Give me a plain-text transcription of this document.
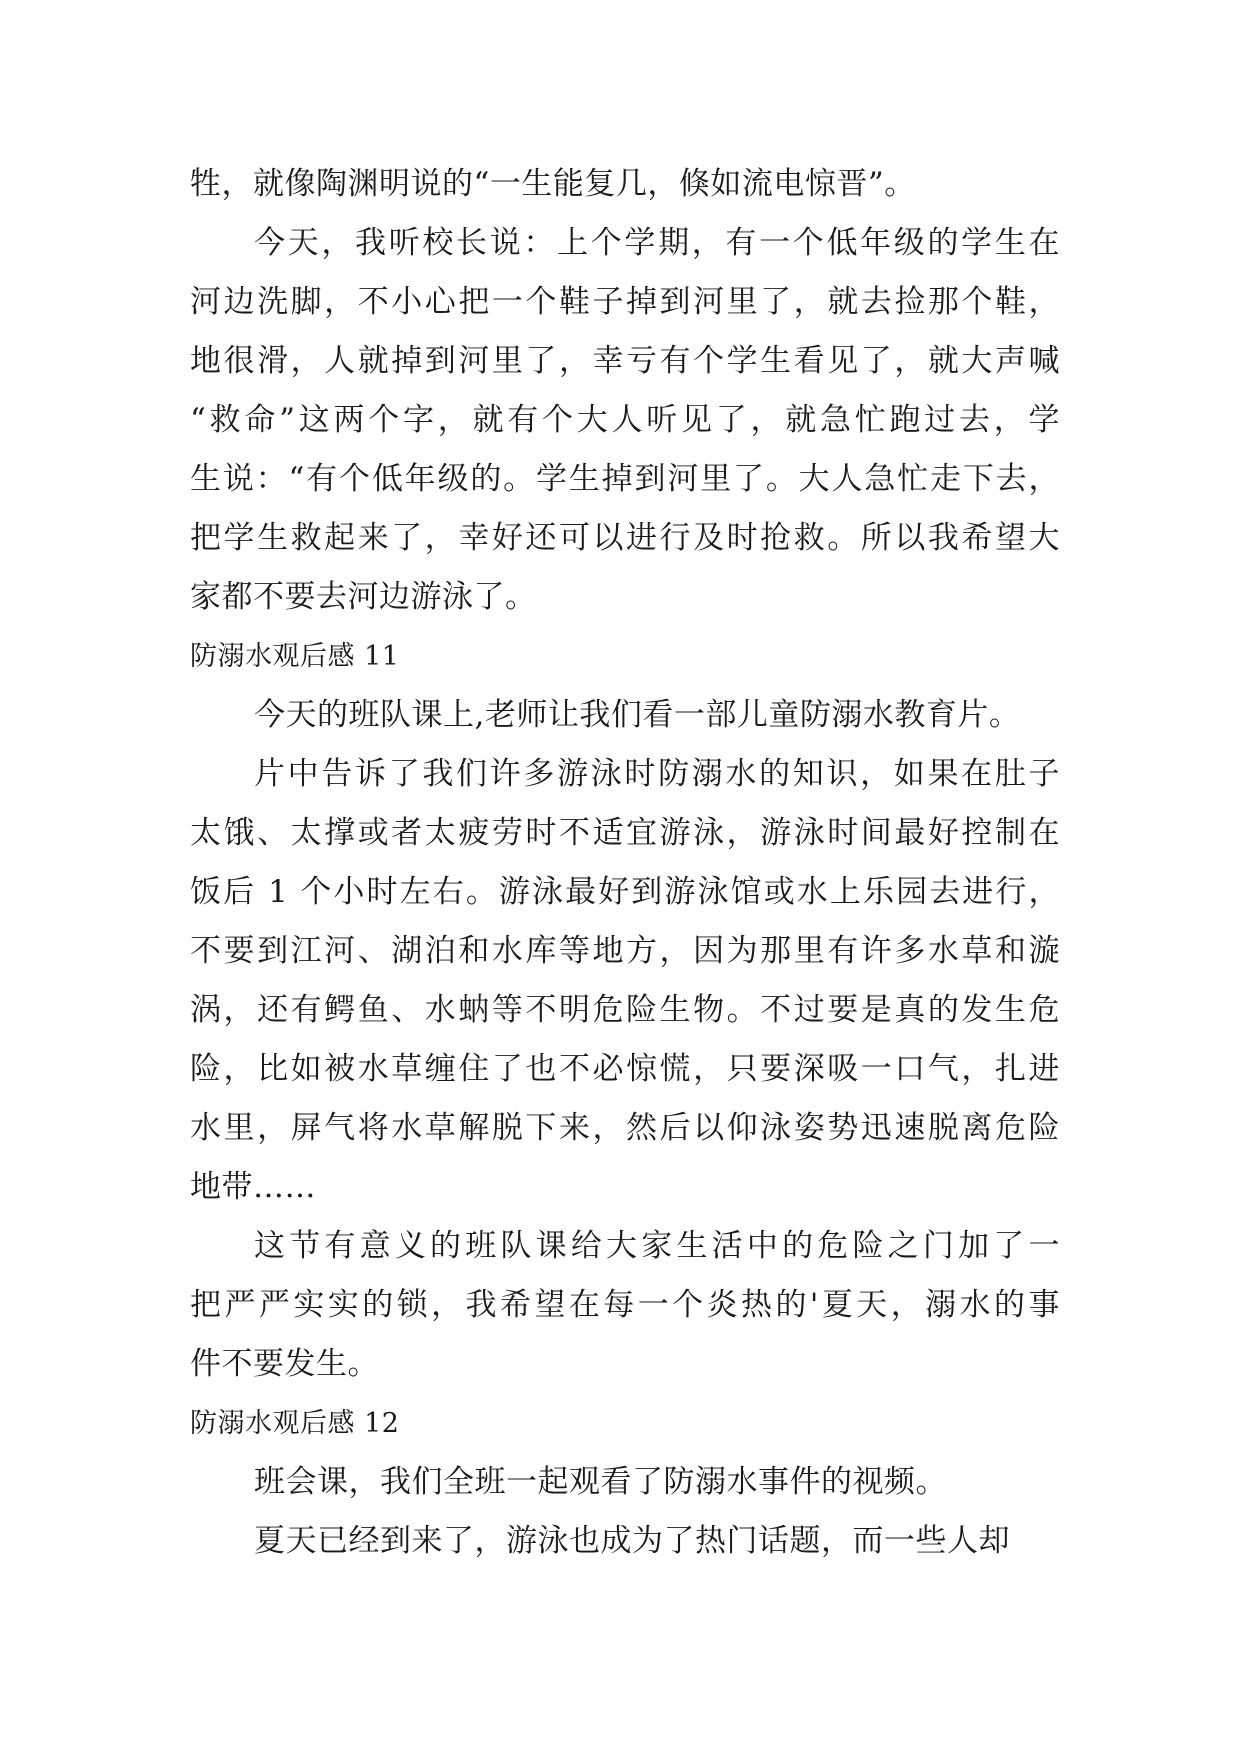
牲，就像陶渊明说的“一生能复几，倏如流电惊晋”。
今天，我听校长说：上个学期，有一个低年级的学生在
河边洗脚，不小心把一个鞋子掉到河里了，就去捡那个鞋，
地很滑，人就掉到河里了，幸亏有个学生看见了，就大声喊
“救命”这两个字，就有个大人听见了，就急忙跑过去，学
生说：“有个低年级的。学生掉到河里了。大人急忙走下去，
把学生救起来了，幸好还可以进行及时抢救。所以我希望大
家都不要去河边游泳了。
防溺水观后感 11
今天的班队课上,老师让我们看一部儿童防溺水教育片。
片中告诉了我们许多游泳时防溺水的知识，如果在肚子
太饿、太撑或者太疲劳时不适宜游泳，游泳时间最好控制在
饭后 1 个小时左右。游泳最好到游泳馆或水上乐园去进行，
不要到江河、湖泊和水库等地方，因为那里有许多水草和漩
涡，还有鳄鱼、水蚋等不明危险生物。不过要是真的发生危
险，比如被水草缠住了也不必惊慌，只要深吸一口气，扎进
水里，屏气将水草解脱下来，然后以仰泳姿势迅速脱离危险
地带……
这节有意义的班队课给大家生活中的危险之门加了一
把严严实实的锁，我希望在每一个炎热的'夏天，溺水的事
件不要发生。
防溺水观后感 12
班会课，我们全班一起观看了防溺水事件的视频。
夏天已经到来了，游泳也成为了热门话题，而一些人却
